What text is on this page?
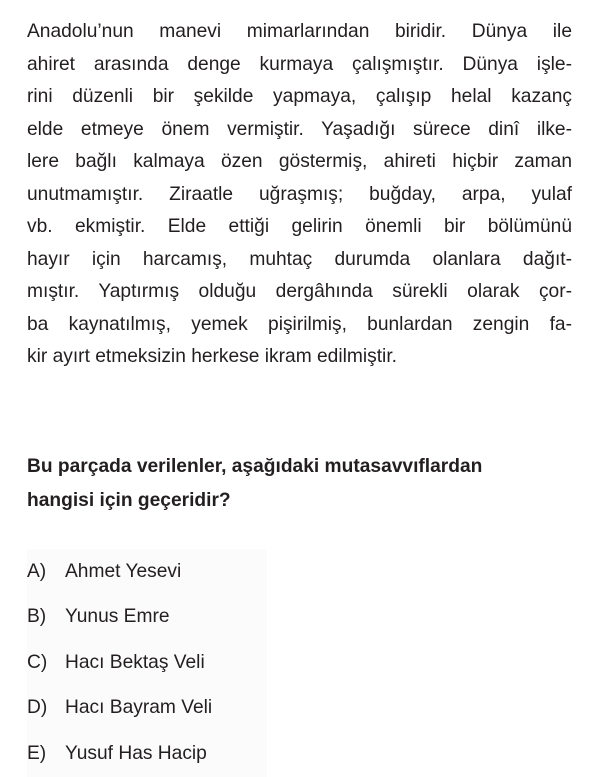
Anadolu’nun manevi mimarlarından biridir. Dünya ile
ahiret arasında denge kurmaya çalışmıştır. Dünya işle-
rini düzenli bir şekilde yapmaya, çalışıp helal kazanç
elde etmeye önem vermiştir. Yaşadığı sürece dinî ilke-
lere bağlı kalmaya özen göstermiş, ahireti hiçbir zaman
unutmamıştır. Ziraatle uğraşmış; buğday, arpa, yulaf
vb. ekmiştir. Elde ettiği gelirin önemli bir bölümünü
hayır için harcamış, muhtaç durumda olanlara dağıt-
mıştır. Yaptırmış olduğu dergâhında sürekli olarak çor-
ba kaynatılmış, yemek pişirilmiş, bunlardan zengin fa-
kir ayırt etmeksizin herkese ikram edilmiştir.
Bu parçada verilenler, aşağıdaki mutasavvıflardan
hangisi için geçeridir?
A) Ahmet Yesevi
B) Yunus Emre
C) Hacı Bektaş Veli
D) Hacı Bayram Veli
E) Yusuf Has Hacip
